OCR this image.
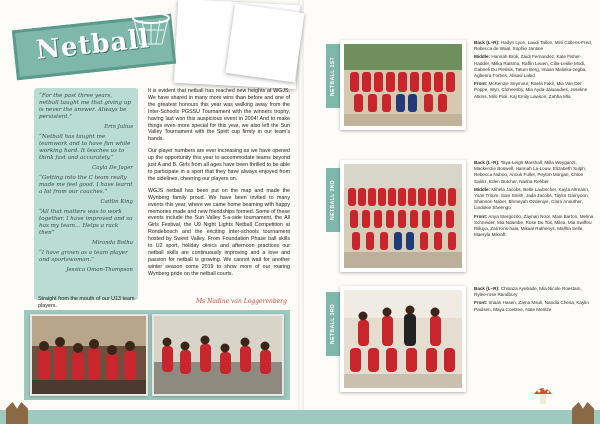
Netball
“For the past three years, netball taught me that giving up is never the answer. Always be persistent.”
Erin Julius
“Netball has taught me teamwork and to have fun while working hard. It teaches us to think fast and accurately.”
Cayla De Jager
“Getting into the C team really made me feel good. I have learnt a lot from our coaches.”
Caitlin King
“All that matters was to work together. I have improved and so has my team… Helps a rack then”
Miranda Botha
“I have grown as a team player and sportswoman.”
Jessica Omon-Thompson
Straight from the mouth of our U13 team players.

It is evident that netball has reached new heights at WGJS. We have shared in many more wins than before and one of the greatest honours this year was walking away from the Inter-Schools PGSSU Tournament with the winners trophy, having last won this auspicious event in 2004! And to make things even more special for this year, we also left the Sun Valley Tournament with the Spirit cup firmly in our team's hands.

Our player numbers are ever increasing as we have opened up the opportunity this year to accommodate teams beyond just A and B. Girls from all ages have been thrilled to be able to participate in a sport that they have always enjoyed from the sidelines, cheering our players on.

WGJS netball has been put on the map and made the Wynberg family proud. We have been invited to many events this year, where we came home beaming with happy memories made and new friendships formed. Some of these events include the Sun Valley 5-a-side tournament, the All Girls Festival, the U9 Night Lights Netball Competition at Rondebosch and the exciting inter-schools tournament hosted by Sweet Valley. From Foundation Phase ball skills to U2 sport, holiday clinics and afternoon practices our netball skills are continuously improving and a love and passion for netball is growing. We cannot wait for another winter season come 2019 to show more of our roaring Wynberg pride on the netball courts.

Ms Nadine van Loggerenberg
NETBALL 1ST
Back (L–R): Hadyn Lyon, Laudi Tallon, Mini Collens-Fred, Rebecca de Waal, Sophie Jantine
Middle: Hannah Brok, Zaidi Fernandez, Kate Fisher-Hadder, Milka Ratsma, Raffin Leuen, Cilla-Leslie Modi, Gabrieli Du Plessis, Tatum Berg, Imaan Malinka-zegba, Agbenra Forbes, Alisaw Lakid
Front: McKenzie Seymour, Raela Fakir, Mia Van Der Poppe, Wyn, Cloheesby, Mia Ayda-Jaluaudies, Joseline Atkins, Milo Pioli, Kaj Emily Lawson, Zahba Mla
NETBALL 2ND
Back (L–R): Taya-Leigh Marshall, Milla Weyganzt, Mackenzie Boswell, Hannah La-Louw, Elizabeth Sulph, Rebecca Nuboo, Anouk Fuller, Peyton Morgan, Chloe Salinz, Eden Butcher, Nasha Rehber
Middle: Mihela Jacobs, Belle Laubscher, Kayla Altmann, Yoan Tritum, Sam Smith, Jada Jacobs, Taylor Gamyoon, Shannon Naber, Bhmeyah Ozdeniye, Clara Anouther, Lindokie Sheengo
Front: Anya Stergozdo, Zaynan Noor, Mani Barton, Melina Schneider, Mia Ndambe, Rose Du Toit, Milea, Mia Swiffeu Rilluya, Zali Kiris-hala, Mikaal Rathenys, Mallha Selle, Maeryla Mikraft
NETBALL 3RD
Back (L–R): Chinaza Ayebade, Mia Nicole Roestam, Rylee-rose Randbury
Front: Imaan Hasen, Zama Msuli, Nandia Chesa, Kaylin Paulsen, Maya Coetzee, Nate Meritze
